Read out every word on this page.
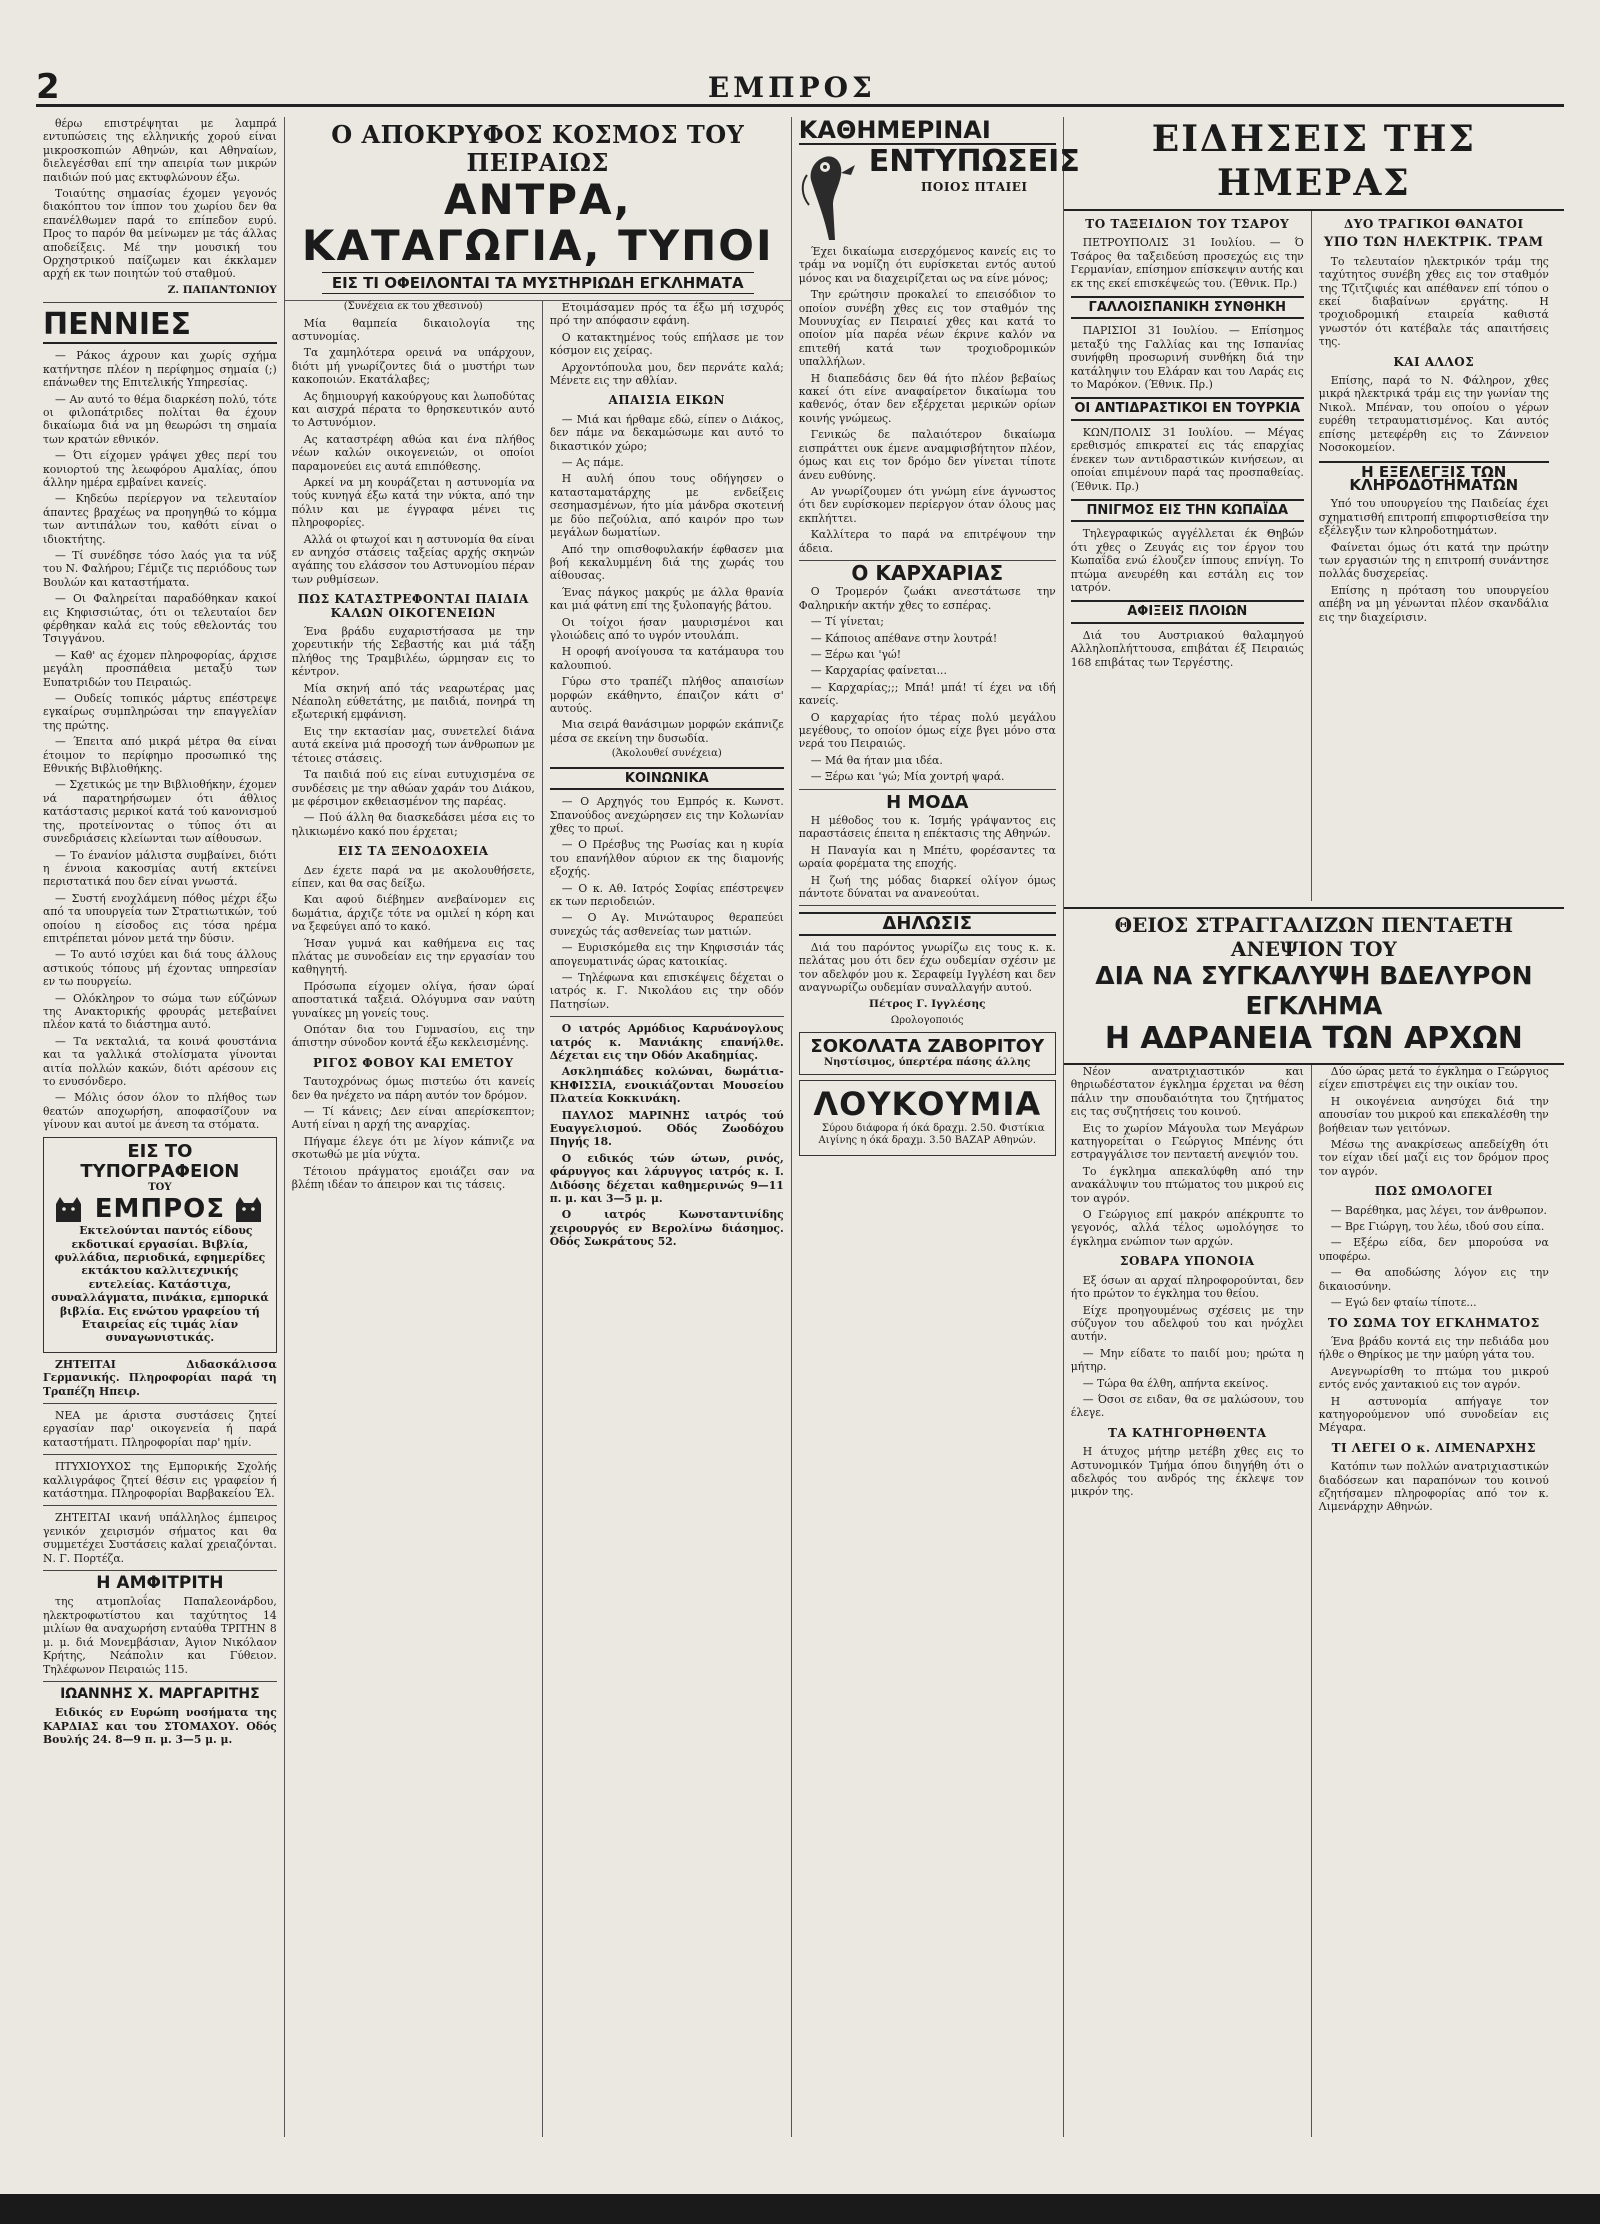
2	ΕΜΠΡΟΣ

θέρω επιστρέψηται με λαμπρά εντυπώσεις της ελληνικής χορού είναι μικροσκοπιών Αθηνών, και Αθηναίων, διελεγέσθαι επί την απειρία των μικρών παιδιών πού μας εκτυφλώνουν έξω.

Τοιαύτης σημασίας έχομεν γεγονός διακόπτου τον ίππον του χωρίου δεν θα επανέλθωμεν παρά το επίπεδον ευρύ. Προς το παρόν θα μείνωμεν με τάς άλλας αποδείξεις. Μέ την μουσική του Ορχηστρικού παίζωμεν και έκκλαμεν αρχή εκ των ποιητών τού σταθμού.

Ζ. ΠΑΠΑΝΤΩΝΙΟΥ
ΠΕΝΝΙΕΣ

— Ράκος άχρουν και χωρίς σχήμα κατήντησε πλέον η περίφημος σημαία (;) επάνωθεν της Επιτελικής Υπηρεσίας.

— Αν αυτό το θέμα διαρκέση πολύ, τότε οι φιλοπάτριδες πολίται θα έχουν δικαίωμα διά να μη θεωρώσι τη σημαία των κρατών εθνικόν.

— Ότι είχομεν γράψει χθες περί του κονιορτού της λεωφόρου Αμαλίας, όπου άλλην ημέρα εμβαίνει κανείς.

— Κηδεύω περίεργον να τελευταίον άπαντες βραχέως να προηγηθώ το κόμμα των αντιπάλων του, καθότι είναι ο ιδιοκτήτης.

— Τί συνέδησε τόσο λαός για τα νύξ του Ν. Φαλήρου; Γέμιζε τις περιόδους των Βουλών και καταστήματα.

— Οι Φαληρείται παραδόθηκαν κακοί εις Κηφισσιώτας, ότι οι τελευταίοι δεν φέρθηκαν καλά εις τούς εθελοντάς του Τσιγγάνου.

— Καθ' ας έχομεν πληροφορίας, άρχισε μεγάλη προσπάθεια μεταξύ των Ευπατριδών του Πειραιώς.

— Ουδείς τοπικός μάρτυς επέστρεψε εγκαίρως συμπληρώσαι την επαγγελίαν της πρώτης.

— Έπειτα από μικρά μέτρα θα είναι έτοιμον το περίφημο προσωπικό της Εθνικής Βιβλιοθήκης.

— Σχετικώς με την Βιβλιοθήκην, έχομεν νά παρατηρήσωμεν ότι άθλιος κατάστασις μερικοί κατά τού κανονισμού της, προτείνοντας ο τύπος ότι αι συνεδριάσεις κλείωνται των αίθουσων.

— Το ένανίον μάλιστα συμβαίνει, διότι η έννοια κακοσμίας αυτή εκτείνει περιστατικά που δεν είναι γνωστά.

— Συστή ενοχλάμενη πόθος μέχρι έξω από τα υπουργεία των Στρατιωτικών, τού οποίου η είσοδος εις τόσα ηρέμα επιτρέπεται μόνον μετά την δύσιν.

— Το αυτό ισχύει και διά τους άλλους αστικούς τόπους μή έχοντας υπηρεσίαν εν τω πουργείω.

— Ολόκληρον το σώμα των εύζώνων της Ανακτορικής φρουράς μετεβαίνει πλέον κατά το διάστημα αυτό.

— Τα νεκταλιά, τα κοινά φουστάνια και τα γαλλικά στολίσματα γίνονται αιτία πολλών κακών, διότι αρέσουν εις το ενυσόνδερο.

— Μόλις όσον όλον το πλήθος των θεατών αποχωρήση, αποφασίζουν να γίνουν και αυτοί με άνεση τα στόματα.

ΕΙΣ ΤΟ ΤΥΠΟΓΡΑΦΕΙΟΝ
ΤΟΥ
ΕΜΠΡΟΣ

Εκτελούνται παντός είδους εκδοτικαί εργασίαι. Βιβλία, φυλλάδια, περιοδικά, εφημερίδες εκτάκτου καλλιτεχνικής εντελείας. Κατάστιχα, συναλλάγματα, πινάκια, εμπορικά βιβλία. Εις ενώτου γραφείου τή Εταιρείας είς τιμάς λίαν συναγωνιστικάς.

ΖΗΤΕΙΤΑΙ Διδασκάλισσα Γερμανικής. Πληροφορίαι παρά τη Τραπέζη Ηπειρ.

ΝΕΑ με άριστα συστάσεις ζητεί εργασίαν παρ' οικογενεία ή παρά καταστήματι. Πληροφορίαι παρ' ημίν.

ΠΤΥΧΙΟΥΧΟΣ της Εμπορικής Σχολής καλλιγράφος ζητεί θέσιν εις γραφείον ή κατάστημα. Πληροφορίαι Βαρβακείου Έλ.

ΖΗΤΕΙΤΑΙ ικανή υπάλληλος έμπειρος γενικόν χειρισμόν σήματος και θα συμμετέχει Συστάσεις καλαί χρειαζόνται. Ν. Γ. Πορτέζα.

Η ΑΜΦΙΤΡΙΤΗ

της ατμοπλοΐας Παπαλεονάρδου, ηλεκτροφωτίστου και ταχύτητος 14 μιλίων θα αναχωρήση ενταύθα ΤΡΙΤΗΝ 8 μ. μ. διά Μονεμβάσιαν, Άγιον Νικόλαον Κρήτης, Νεάπολιν και Γύθειον. Τηλέφωνον Πειραιώς 115.

ΙΩΑΝΝΗΣ Χ. ΜΑΡΓΑΡΙΤΗΣ

Ειδικός εν Ευρώπη νοσήματα της ΚΑΡΔΙΑΣ και του ΣΤΟΜΑΧΟΥ. Οδός Βουλής 24. 8—9 π. μ. 3—5 μ. μ.

Ο ΑΠΟΚΡΥΦΟΣ ΚΟΣΜΟΣ ΤΟΥ ΠΕΙΡΑΙΩΣ
ΑΝΤΡΑ, ΚΑΤΑΓΩΓΙΑ, ΤΥΠΟΙ
ΕΙΣ ΤΙ ΟΦΕΙΛΟΝΤΑΙ ΤΑ ΜΥΣΤΗΡΙΩΔΗ ΕΓΚΛΗΜΑΤΑ

(Συνέχεια εκ του χθεσινού)

Μία θαμπεία δικαιολογία της αστυνομίας.

Τα χαμηλότερα ορεινά να υπάρχουν, διότι μή γνωρίζοντες διά ο μυστήρι των κακοποιών. Εκατάλαβες;

Ας δημιουργή κακούργους και λωποδύτας και αισχρά πέρατα το θρησκευτικόν αυτό το Αστυνόμιον.

Ας καταστρέφη αθώα και ένα πλήθος νέων καλών οικογενειών, οι οποίοι παραμονεύει εις αυτά επιπόθεσης.

Αρκεί να μη κουράζεται η αστυνομία να τούς κυνηγά έξω κατά την νύκτα, από την πόλιν και με έγγραφα μένει τις πληροφορίες.

Αλλά οι φτωχοί και η αστυνομία θα είναι εν ανηχόσ στάσεις ταξείας αρχής σκηνών αγάπης του ελάσσον του Αστυνομίου πέραν των ρυθμίσεων.

ΠΩΣ ΚΑΤΑΣΤΡΕΦΟΝΤΑΙ ΠΑΙΔΙΑ ΚΑΛΩΝ ΟΙΚΟΓΕΝΕΙΩΝ

Ένα βράδυ ευχαριστήσασα με την χορευτικήν τής Σεβαστής και μιά τάξη πλήθος της Τραμβιλέω, ώρμησαν εις το κέντρον.

Μία σκηνή από τάς νεαρωτέρας μας Νέαπολη εύθετάτης, με παιδιά, πονηρά τη εξωτερική εμφάνιση.

Εις την εκτασίαν μας, συνετελεί διάνα αυτά εκείνα μιά προσοχή των άνθρωπων με τέτοιες στάσεις.

Τα παιδιά πού εις είναι ευτυχισμένα σε συνδέσεις με την αθώαν χαράν του Διάκου, με φέρσιμον εκθειασμένον της παρέας.

— Πού άλλη θα διασκεδάσει μέσα εις το ηλικιωμένο κακό που έρχεται;

ΕΙΣ ΤΑ ΞΕΝΟΔΟΧΕΙΑ

Δεν έχετε παρά να με ακολουθήσετε, είπεν, και θα σας δείξω.

Και αφού διέβημεν ανεβαίνομεν εις δωμάτια, άρχιζε τότε να ομιλεί η κόρη και να ξεφεύγει από το κακό.

Ήσαν γυμνά και καθήμενα εις τας πλάτας με συνοδείαν εις την εργασίαν του καθηγητή.

Πρόσωπα είχομεν ολίγα, ήσαν ώραί αποστατικά ταξειά. Ολόγυμνα σαν ναύτη γυναίκες μη γονείς τους.

Οπόταν δια του Γυμνασίου, εις την άπιστην σύνοδον κοντά έξω κεκλεισμένης.

ΡΙΓΟΣ ΦΟΒΟΥ ΚΑΙ ΕΜΕΤΟΥ

Ταυτοχρόνως όμως πιστεύω ότι κανείς δεν θα ηνέχετο να πάρη αυτόν τον δρόμον.

— Τί κάνεις; Δεν είναι απερίσκεπτον; Αυτή είναι η αρχή της αναρχίας.

Πήγαμε έλεγε ότι με λίγον κάπνιζε να σκοτωθώ με μία νύχτα.

Τέτοιου πράγματος εμοιάζει σαν να βλέπη ιδέαν το άπειρον και τις τάσεις.

Ετοιμάσαμεν πρός τα έξω μή ισχυρός πρό την απόφασιν εφάνη.

Ο κατακτημένος τούς επήλασε με τον κόσμον εις χείρας.

Αρχοντόπουλα μου, δεν περνάτε καλά; Μένετε εις την αθλίαν.

ΑΠΑΙΣΙΑ ΕΙΚΩΝ

— Μιά και ήρθαμε εδώ, είπεν ο Διάκος, δεν πάμε να δεκαμώσωμε και αυτό το δικαστικόν χώρο;

— Ας πάμε.

Η αυλή όπου τους οδήγησεν ο κατασταματάρχης με ενδείξεις σεσημασμένων, ήτο μία μάνδρα σκοτεινή με δύο πεζούλια, από καιρόν προ των μεγάλων δωματίων.

Από την οπισθοφυλακήν έφθασεν μια βοή κεκαλυμμένη διά της χωράς του αίθουσας.

Ένας πάγκος μακρύς με άλλα θρανία και μιά φάτνη επί της ξυλοπαγής βάτου.

Οι τοίχοι ήσαν μαυρισμένοι και γλοιώδεις από το υγρόν ντουλάπι.

Η οροφή ανοίγουσα τα κατάμαυρα του καλουπιού.

Γύρω στο τραπέζι πλήθος απαισίων μορφών εκάθηντο, έπαιζον κάτι σ' αυτούς.

Μια σειρά θανάσιμων μορφών εκάπνιζε μέσα σε εκείνη την δυσωδία.

(Άκολουθεί συνέχεια)

ΚΟΙΝΩΝΙΚΑ

— Ο Αρχηγός του Εμπρός κ. Κωνστ. Σπανούδος ανεχώρησεν εις την Κολωνίαν χθες το πρωί.

— Ο Πρέσβυς της Ρωσίας και η κυρία του επανήλθον αύριον εκ της διαμονής εξοχής.

— Ο κ. Αθ. Ιατρός Σοφίας επέστρεψεν εκ των περιοδειών.

— Ο Αγ. Μινώταυρος θεραπεύει συνεχώς τάς ασθενείας των ματιών.

— Ευρισκόμεθα εις την Κηφισσιάν τάς απογευματινάς ώρας κατοικίας.

— Τηλέφωνα και επισκέψεις δέχεται ο ιατρός κ. Γ. Νικολάου εις την οδόν Πατησίων.

Ο ιατρός Αρμόδιος Καρυάνογλους ιατρός κ. Μανιάκης επανήλθε. Δέχεται εις την Οδόν Ακαδημίας.

Ασκληπιάδες κολώναι, δωμάτια-ΚΗΦΙΣΣΙΑ, ενοικιάζονται Μουσείου Πλατεία Κοκκινάκη.

ΠΑΥΛΟΣ ΜΑΡΙΝΗΣ ιατρός τού Ευαγγελισμού. Οδός Ζωοδόχου Πηγής 18.

Ο ειδικός τών ώτων, ρινός, φάρυγγος και λάρυγγος ιατρός κ. Ι. Διδόσης δέχεται καθημερινώς 9—11 π. μ. και 3—5 μ. μ.

Ο ιατρός Κωνσταντινίδης χειρουργός εν Βερολίνω διάσημος. Οδός Σωκράτους 52.

ΚΑΘΗΜΕΡΙΝΑΙ
ΕΝΤΥΠΩΣΕΙΣ
ΠΟΙΟΣ ΠΤΑΙΕΙ

Έχει δικαίωμα εισερχόμενος κανείς εις το τράμ να νομίζη ότι ευρίσκεται εντός αυτού μόνος και να διαχειρίζεται ως να είνε μόνος;

Την ερώτησιν προκαλεί το επεισόδιον το οποίον συνέβη χθες εις τον σταθμόν της Μουνυχίας εν Πειραιεί χθες και κατά το οποίον μία παρέα νέων έκρινε καλόν να επιτεθή κατά των τροχιοδρομικών υπαλλήλων.

Η διαπεδάσις δεν θά ήτο πλέον βεβαίως κακεί ότι είνε αναφαίρετον δικαίωμα του καθενός, όταν δεν εξέρχεται μερικών ορίων κοινής γνώμεως.

Γενικώς δε παλαιότερον δικαίωμα εισπράττει ουκ έμενε αναμφισβήτητον πλέον, όμως και εις τον δρόμο δεν γίνεται τίποτε άνευ ευθύνης.

Αν γνωρίζουμεν ότι γνώμη είνε άγνωστος ότι δεν ευρίσκομεν περίεργον όταν όλους μας εκπλήττει.

Καλλίτερα το παρά να επιτρέψουν την άδεια.

Ο ΚΑΡΧΑΡΙΑΣ

Ο Τρομερόν ζωάκι ανεστάτωσε την Φαληρικήν ακτήν χθες το εσπέρας.

— Τί γίνεται;

— Κάποιος απέθανε στην λουτρά!

— Ξέρω και 'γώ!

— Καρχαρίας φαίνεται...

— Καρχαρίας;;; Μπά! μπά! τί έχει να ιδή κανείς.

Ο καρχαρίας ήτο τέρας πολύ μεγάλου μεγέθους, το οποίον όμως είχε βγει μόνο στα νερά του Πειραιώς.

— Μά θα ήταν μια ιδέα.

— Ξέρω και 'γώ; Μία χοντρή ψαρά.

Η ΜΟΔΑ

Η μέθοδος του κ. Ίσμής γράψαντος εις παραστάσεις έπειτα η επέκτασις της Αθηνών.

Η Παναγία και η Μπέτυ, φορέσαντες τα ωραία φορέματα της εποχής.

Η ζωή της μόδας διαρκεί ολίγον όμως πάντοτε δύναται να ανανεούται.

ΔΗΛΩΣΙΣ

Διά του παρόντος γνωρίζω εις τους κ. κ. πελάτας μου ότι δεν έχω ουδεμίαν σχέσιν με τον αδελφόν μου κ. Σεραφείμ Ιγγλέση και δεν αναγνωρίζω ουδεμίαν συναλλαγήν αυτού.

Πέτρος Γ. Ιγγλέσης
Ωρολογοποιός
ΣΟΚΟΛΑΤΑ ΖΑΒΟΡΙΤΟΥ
Νηστίσιμος, ύπερτέρα πάσης άλλης
ΛΟΥΚΟΥΜΙΑ

Σύρου διάφορα ή όκά δραχμ. 2.50. Φιστίκια Αιγίνης η όκά δραχμ. 3.50 ΒΑΖΑΡ Αθηνών.

ΕΙΔΗΣΕΙΣ ΤΗΣ ΗΜΕΡΑΣ
ΤΟ ΤΑΞΕΙΔΙΟΝ ΤΟΥ ΤΣΑΡΟΥ

ΠΕΤΡΟΥΠΟΛΙΣ 31 Ιουλίου. — Ό Τσάρος θα ταξειδεύση προσεχώς εις την Γερμανίαν, επίσημον επίσκεψιν αυτής και εκ της εκεί επισκέψεώς του. (Έθνικ. Πρ.)

ΓΑΛΛΟΙΣΠΑΝΙΚΗ ΣΥΝΘΗΚΗ

ΠΑΡΙΣΙΟΙ 31 Ιουλίου. — Επίσημος μεταξύ της Γαλλίας και της Ισπανίας συνήφθη προσωρινή συνθήκη διά την κατάληψιν του Ελάραν και του Λαράς εις το Μαρόκον. (Έθνικ. Πρ.)

ΟΙ ΑΝΤΙΔΡΑΣΤΙΚΟΙ ΕΝ ΤΟΥΡΚΙΑ

ΚΩΝ/ΠΟΛΙΣ 31 Ιουλίου. — Μέγας ερεθισμός επικρατεί εις τάς επαρχίας ένεκεν των αντιδραστικών κινήσεων, αι οποίαι επιμένουν παρά τας προσπαθείας. (Έθνικ. Πρ.)

ΠΝΙΓΜΟΣ ΕΙΣ ΤΗΝ ΚΩΠΑΪΔΑ

Τηλεγραφικώς αγγέλλεται έκ Θηβών ότι χθες ο Ζευγάς εις τον έργον του Κωπαΐδα ενώ έλουζεν ίππους επνίγη. Το πτώμα ανευρέθη και εστάλη εις τον ιατρόν.

ΑΦΙΞΕΙΣ ΠΛΟΙΩΝ

Διά του Αυστριακού θαλαμηγού Αλληλοπλήττουσα, επιβάται έξ Πειραιώς 168 επιβάτας των Τεργέστης.

ΔΥΟ ΤΡΑΓΙΚΟΙ ΘΑΝΑΤΟΙ
ΥΠΟ ΤΩΝ ΗΛΕΚΤΡΙΚ. ΤΡΑΜ

Το τελευταίον ηλεκτρικόν τράμ της ταχύτητος συνέβη χθες εις τον σταθμόν της Τζιτζιφιές και απέθανεν επί τόπου ο εκεί διαβαίνων εργάτης. Η τροχιοδρομική εταιρεία καθιστά γνωστόν ότι κατέβαλε τάς απαιτήσεις της.

ΚΑΙ ΑΛΛΟΣ

Επίσης, παρά το Ν. Φάληρον, χθες μικρά ηλεκτρικά τράμ εις την γωνίαν της Νικολ. Μπέναν, του οποίου ο γέρων ευρέθη τετραυματισμένος. Και αυτός επίσης μετεφέρθη εις το Ζάννειον Νοσοκομείον.

Η ΕΞΕΛΕΓΞΙΣ ΤΩΝ ΚΛΗΡΟΔΟΤΗΜΑΤΩΝ

Υπό του υπουργείου της Παιδείας έχει σχηματισθή επιτροπή επιφορτισθείσα την εξέλεγξιν των κληροδοτημάτων.

Φαίνεται όμως ότι κατά την πρώτην των εργασιών της η επιτροπή συνάντησε πολλάς δυσχερείας.

Επίσης η πρόταση του υπουργείου απέβη να μη γένωνται πλέον σκανδάλια εις την διαχείρισιν.

ΘΕΙΟΣ ΣΤΡΑΓΓΑΛΙΖΩΝ ΠΕΝΤΑΕΤΗ ΑΝΕΨΙΟΝ ΤΟΥ
ΔΙΑ ΝΑ ΣΥΓΚΑΛΥΨΗ ΒΔΕΛΥΡΟΝ ΕΓΚΛΗΜΑ
Η ΑΔΡΑΝΕΙΑ ΤΩΝ ΑΡΧΩΝ

Νέον ανατριχιαστικόν και θηριωδέστατον έγκλημα έρχεται να θέση πάλιν την σπουδαιότητα του ζητήματος εις τας συζητήσεις του κοινού.

Εις το χωρίον Μάγουλα των Μεγάρων κατηγορείται ο Γεώργιος Μπένης ότι εστραγγάλισε τον πενταετή ανεψιόν του.

Το έγκλημα απεκαλύφθη από την ανακάλυψιν του πτώματος του μικρού εις τον αγρόν.

Ο Γεώργιος επί μακρόν απέκρυπτε το γεγονός, αλλά τέλος ωμολόγησε το έγκλημα ενώπιον των αρχών.

ΣΟΒΑΡΑ ΥΠΟΝΟΙΑ

Εξ όσων αι αρχαί πληροφορούνται, δεν ήτο πρώτον το έγκλημα του θείου.

Είχε προηγουμένως σχέσεις με την σύζυγον του αδελφού του και ηνόχλει αυτήν.

— Μην είδατε το παιδί μου; ηρώτα η μήτηρ.

— Τώρα θα έλθη, απήντα εκείνος.

— Όσοι σε ειδαν, θα σε μαλώσουν, του έλεγε.

ΤΑ ΚΑΤΗΓΟΡΗΘΕΝΤΑ

Η άτυχος μήτηρ μετέβη χθες εις το Αστυνομικόν Τμήμα όπου διηγήθη ότι ο αδελφός του ανδρός της έκλεψε τον μικρόν της.

Δύο ώρας μετά το έγκλημα ο Γεώργιος είχεν επιστρέψει εις την οικίαν του.

Η οικογένεια ανησύχει διά την απουσίαν του μικρού και επεκαλέσθη την βοήθειαν των γειτόνων.

Μέσω της ανακρίσεως απεδείχθη ότι τον είχαν ιδεί μαζί εις τον δρόμον προς τον αγρόν.

ΠΩΣ ΩΜΟΛΟΓΕΙ

— Βαρέθηκα, μας λέγει, τον άνθρωπον.

— Βρε Γιώργη, του λέω, ιδού σου είπα.

— Εξέρω είδα, δεν μπορούσα να υποφέρω.

— Θα αποδώσης λόγον εις την δικαιοσύνην.

— Εγώ δεν φταίω τίποτε...

ΤΟ ΣΩΜΑ ΤΟΥ ΕΓΚΛΗΜΑΤΟΣ

Ένα βράδυ κοντά εις την πεδιάδα μου ήλθε ο Θηρίκος με την μαύρη γάτα του.

Ανεγνωρίσθη το πτώμα του μικρού εντός ενός χαντακιού εις τον αγρόν.

Η αστυνομία απήγαγε τον κατηγορούμενον υπό συνοδείαν εις Μέγαρα.

ΤΙ ΛΕΓΕΙ Ο κ. ΛΙΜΕΝΑΡΧΗΣ

Κατόπιν των πολλών ανατριχιαστικών διαδόσεων και παραπόνων του κοινού εζητήσαμεν πληροφορίας από τον κ. Λιμενάρχην Αθηνών.
